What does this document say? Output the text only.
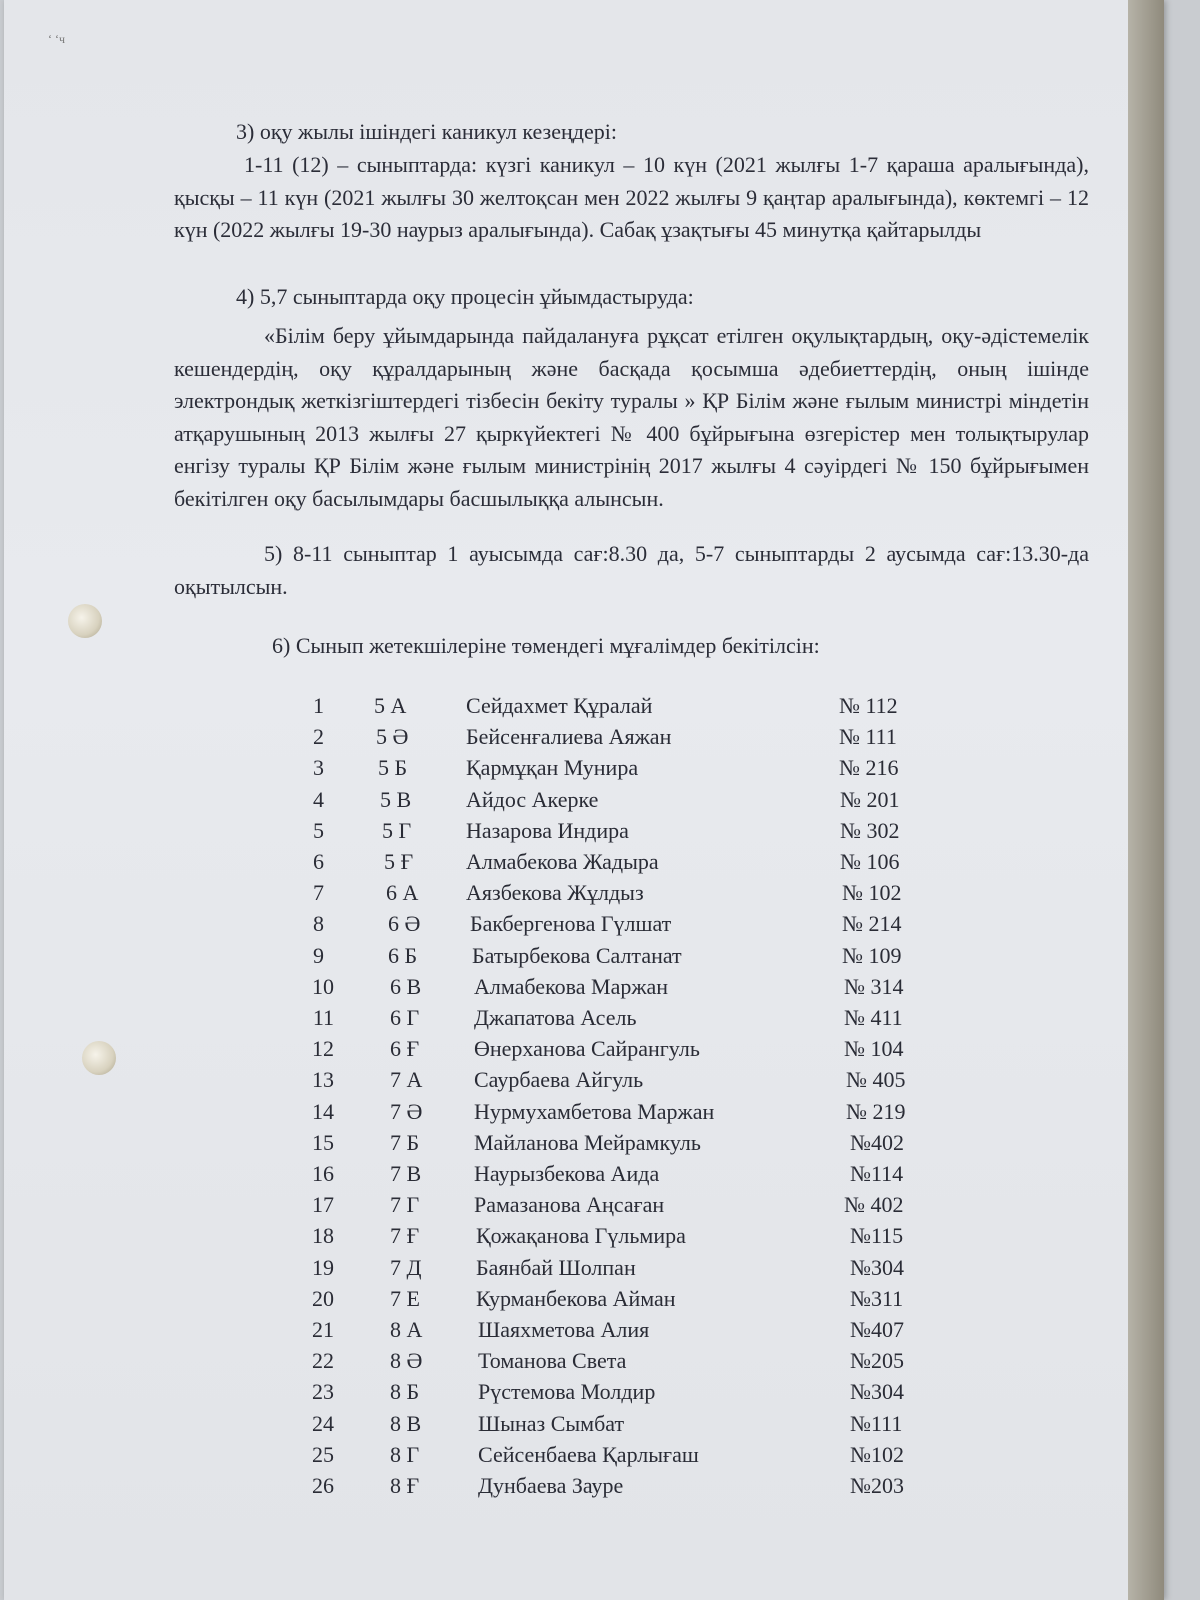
‘ ‘ч
3) оқу жылы ішіндегі каникул кезеңдері:
1-11 (12) – сыныптарда: күзгі каникул – 10 күн (2021 жылғы 1-7 қараша аралығында), қысқы – 11 күн (2021 жылғы 30 желтоқсан мен 2022 жылғы 9 қаңтар аралығында), көктемгі – 12 күн (2022 жылғы 19-30 наурыз аралығында). Сабақ ұзақтығы 45 минутқа қайтарылды
4) 5,7 сыныптарда оқу процесін ұйымдастыруда:
«Білім беру ұйымдарында пайдалануға рұқсат етілген оқулықтардың, оқу-әдістемелік кешендердің, оқу құралдарының және басқада қосымша әдебиеттердің, оның ішінде электрондық жеткізгіштердегі тізбесін бекіту туралы » ҚР Білім және ғылым министрі міндетін атқарушының 2013 жылғы 27 қыркүйектегі № 400 бұйрығына өзгерістер мен толықтырулар енгізу туралы ҚР Білім және ғылым министрінің 2017 жылғы 4 сәуірдегі № 150 бұйрығымен бекітілген оқу басылымдары басшылыққа алынсын.
5) 8-11 сыныптар 1 ауысымда сағ:8.30 да, 5-7 сыныптарды 2 аусымда сағ:13.30-да оқытылсын.
6) Сынып жетекшілеріне төмендегі мұғалімдер бекітілсін:
1 5 А	Сейдахмет Құралай	№ 112
2 5 Ә	Бейсенғалиева Аяжан	№ 111
3 5 Б	Қармұқан Мунира	№ 216
4	5 В Айдос Акерке	№ 201
5	5 Г Назарова Индира	№ 302
6	5 Ғ Алмабекова Жадыра	№ 106
7	6 А Аязбекова Жұлдыз	№ 102
8	6 Ә Бакбергенова Гүлшат	№ 214
9	6 Б Батырбекова Салтанат	№ 109
10	6 В Алмабекова Маржан	№ 314
11	6 Г Джапатова Асель	№ 411
12	6 Ғ Өнерханова Сайрангуль	№ 104
13	7 А Саурбаева Айгуль	№ 405
14	7 Ә Нурмухамбетова Маржан	№ 219
15	7 Б Майланова Мейрамкуль	№402
16	7 В Наурызбекова Аида	№114
17	7 Г Рамазанова Аңсаған	№ 402
18	7 Ғ	Қожақанова Гүльмира	№115
19	7 Д Баянбай Шолпан	№304
20	7 Е	Курманбекова Айман	№311
21	8 А	Шаяхметова Алия	№407
22	8 Ә	Томанова Света	№205
23	8 Б	Рүстемова Молдир	№304
24	8 В	Шыназ Сымбат	№111
25	8 Г	Сейсенбаева Қарлығаш	№102
26	8 Ғ	Дунбаева Зауре	№203
